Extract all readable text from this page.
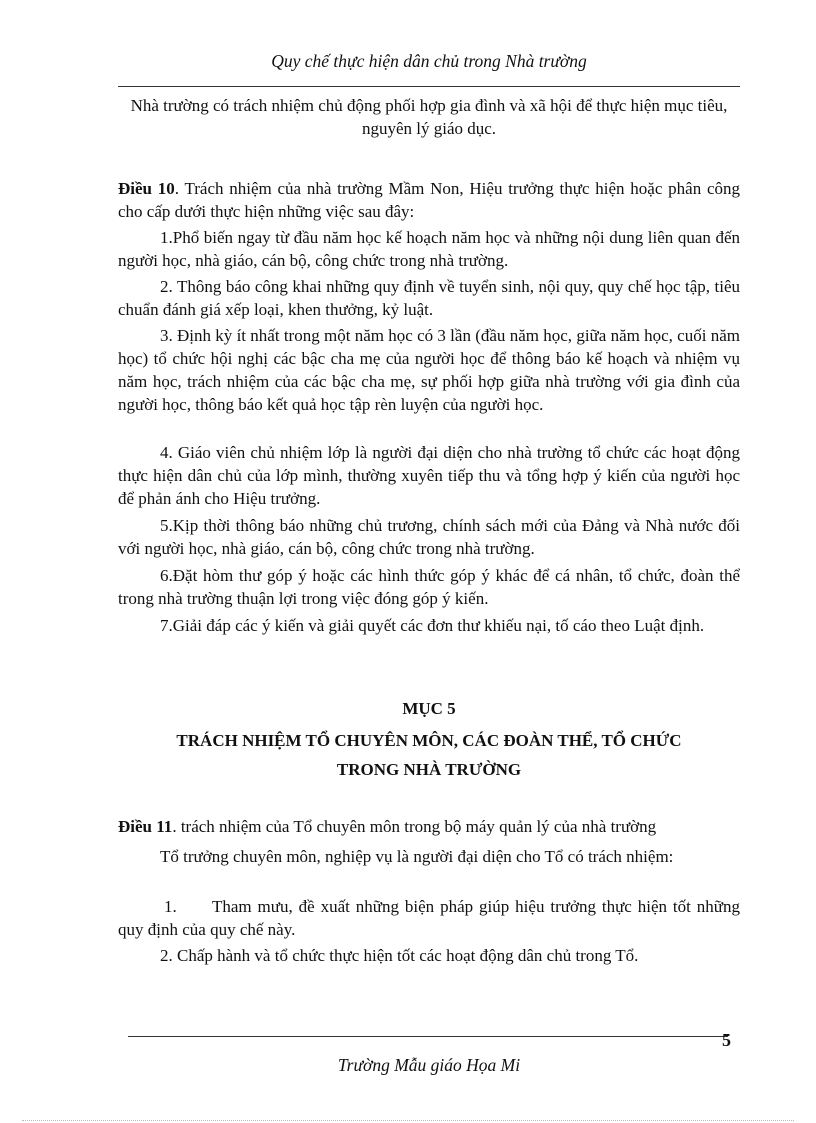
Quy chế thực hiện dân chủ trong Nhà trường
Nhà trường có trách nhiệm chủ động phối hợp gia đình và xã hội để thực hiện mục tiêu, nguyên lý giáo dục.
Điều 10. Trách nhiệm của nhà trường Mầm Non, Hiệu trưởng thực hiện hoặc phân công cho cấp dưới thực hiện những việc sau đây:
1.Phổ biến ngay từ đầu năm học kế hoạch năm học và những nội dung liên quan đến người học, nhà giáo, cán bộ, công chức trong nhà trường.
2. Thông báo công khai những quy định về tuyển sinh, nội quy, quy chế học tập, tiêu chuẩn đánh giá xếp loại, khen thưởng, kỷ luật.
3. Định kỳ ít nhất trong một năm học có 3 lần (đầu năm học, giữa năm học, cuối năm học) tổ chức hội nghị các bậc cha mẹ của người học để thông báo kế hoạch và nhiệm vụ năm học, trách nhiệm của các bậc cha mẹ, sự phối hợp giữa nhà trường với gia đình của người học, thông báo kết quả học tập rèn luyện của người học.
4. Giáo viên chủ nhiệm lớp là người đại diện cho nhà trường tổ chức các hoạt động thực hiện dân chủ của lớp mình, thường xuyên tiếp thu và tổng hợp ý kiến của người học để phản ánh cho Hiệu trưởng.
5.Kịp thời thông báo những chủ trương, chính sách mới của Đảng và Nhà nước đối với người học, nhà giáo, cán bộ, công chức trong nhà trường.
6.Đặt hòm thư góp ý hoặc các hình thức góp ý khác để cá nhân, tổ chức, đoàn thể trong nhà trường thuận lợi trong việc đóng góp ý kiến.
7.Giải đáp các ý kiến và giải quyết các đơn thư khiếu nại, tố cáo theo Luật định.
MỤC 5
TRÁCH NHIỆM TỔ CHUYÊN MÔN, CÁC ĐOÀN THỂ, TỔ CHỨC
TRONG NHÀ TRƯỜNG
Điều 11. trách nhiệm của Tổ chuyên môn trong bộ máy quản lý của nhà trường
Tổ trưởng chuyên môn, nghiệp vụ là người đại diện cho Tổ có trách nhiệm:
1. Tham mưu, đề xuất những biện pháp giúp hiệu trưởng thực hiện tốt những quy định của quy chế này.
2. Chấp hành và tổ chức thực hiện tốt các hoạt động dân chủ trong Tổ.
5
Trường Mẫu giáo Họa Mi
